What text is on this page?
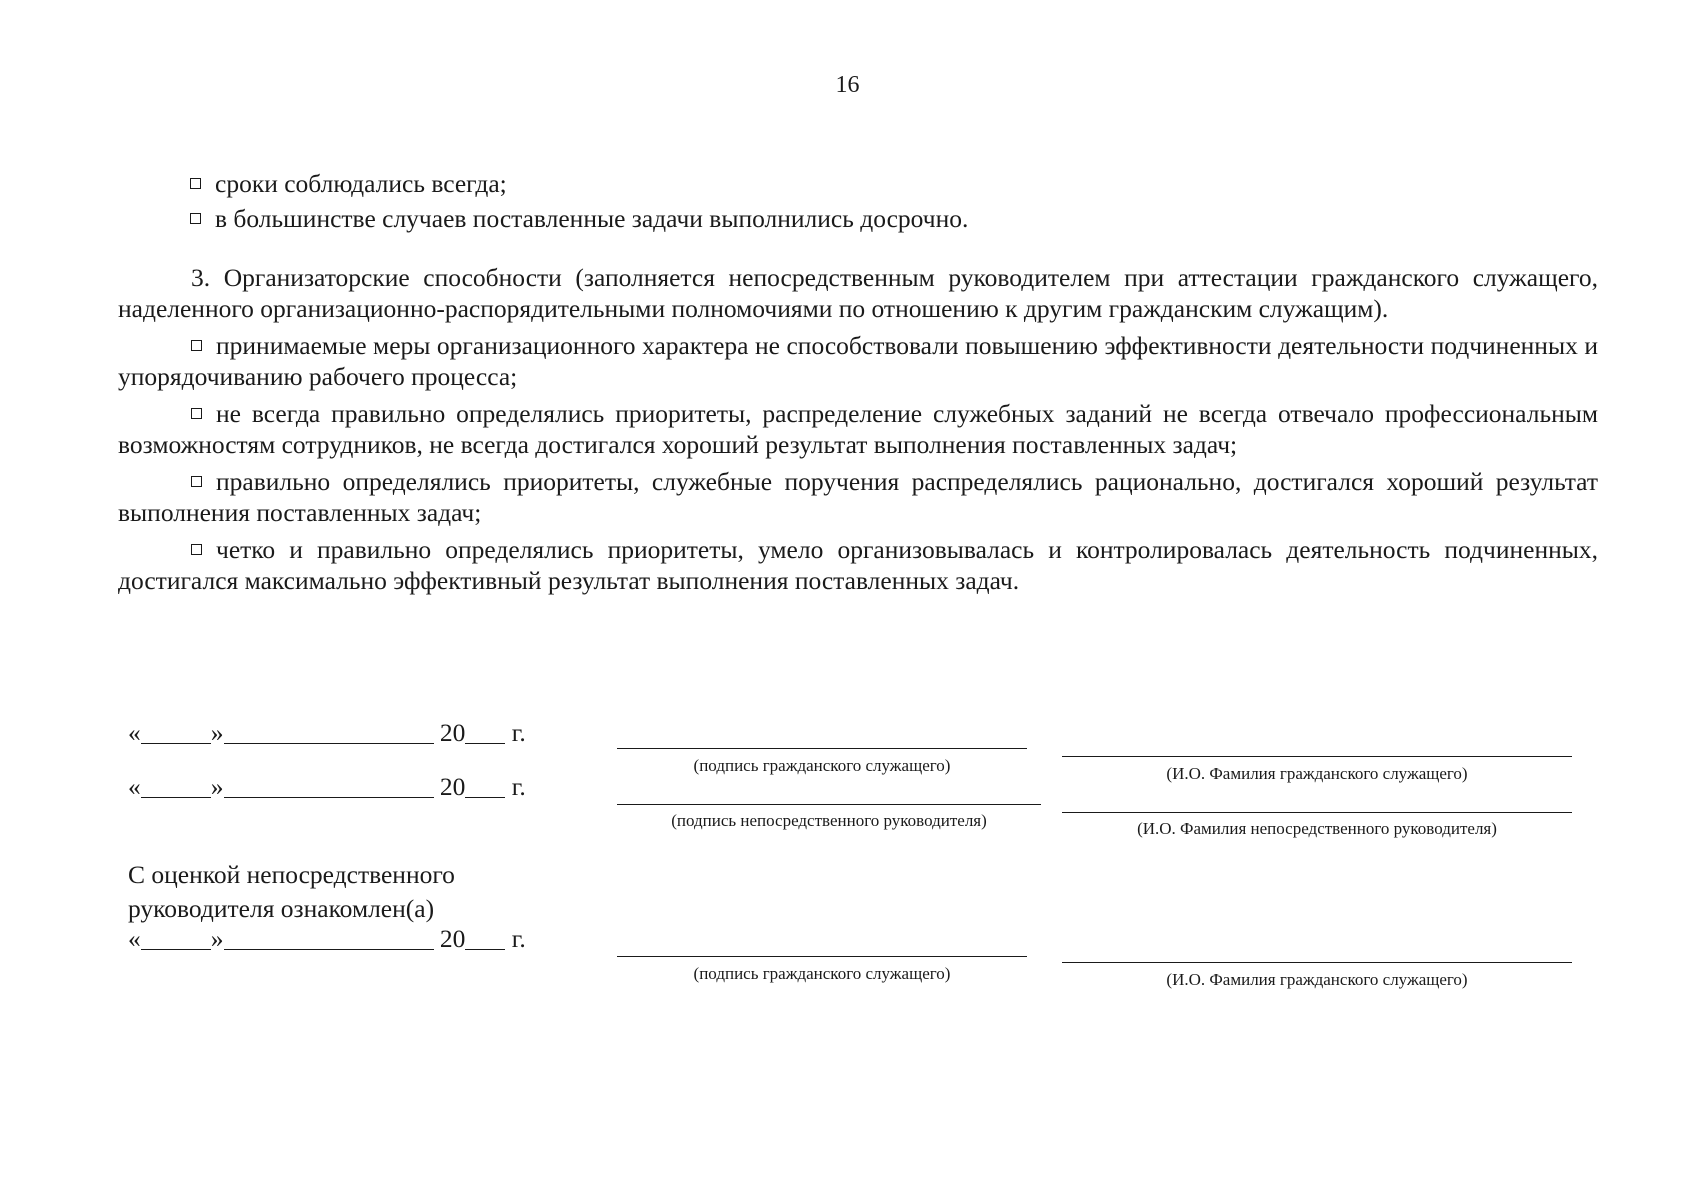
16
сроки соблюдались всегда;
в большинстве случаев поставленные задачи выполнились досрочно.

3. Организаторские способности (заполняется непосредственным руководителем при аттестации гражданского служащего, наделенного организационно-распорядительными полномочиями по отношению к другим гражданским служащим).

принимаемые меры организационного характера не способствовали повышению эффективности деятельности подчиненных и упорядочиванию рабочего процесса;

не всегда правильно определялись приоритеты, распределение служебных заданий не всегда отвечало профессиональным возможностям сотрудников, не всегда достигался хороший результат выполнения поставленных задач;

правильно определялись приоритеты, служебные поручения распределялись рационально, достигался хороший результат выполнения поставленных задач;

четко и правильно определялись приоритеты, умело организовывалась и контролировалась деятельность подчиненных, достигался максимально эффективный результат выполнения поставленных задач.

«	»	20 г.
(подпись гражданского служащего)	(И.О. Фамилия гражданского служащего)
«	»	20 г.
(подпись непосредственного руководителя)	(И.О. Фамилия непосредственного руководителя)
С оценкой непосредственного
руководителя ознакомлен(а)
«	»	20 г.
(подпись гражданского служащего)	(И.О. Фамилия гражданского служащего)
